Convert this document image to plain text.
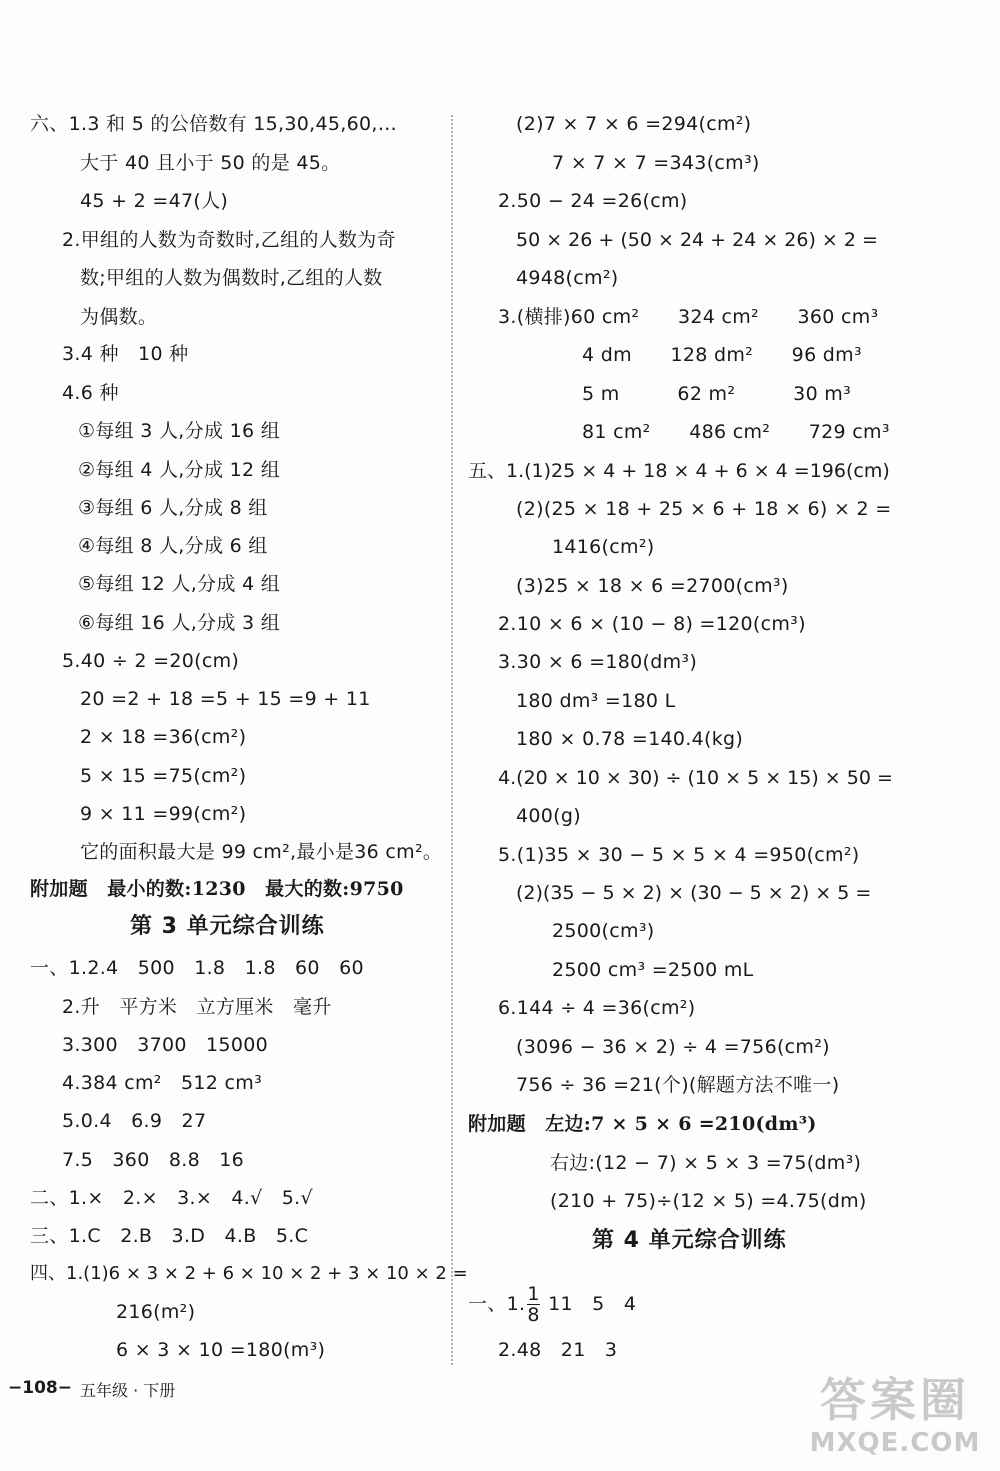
六、1.3 和 5 的公倍数有 15,30,45,60,…
大于 40 且小于 50 的是 45。
45 + 2 =47(人)
2.甲组的人数为奇数时,乙组的人数为奇
数;甲组的人数为偶数时,乙组的人数
为偶数。
3.4 种　10 种
4.6 种
①每组 3 人,分成 16 组
②每组 4 人,分成 12 组
③每组 6 人,分成 8 组
④每组 8 人,分成 6 组
⑤每组 12 人,分成 4 组
⑥每组 16 人,分成 3 组
5.40 ÷ 2 =20(cm)
20 =2 + 18 =5 + 15 =9 + 11
2 × 18 =36(cm²)
5 × 15 =75(cm²)
9 × 11 =99(cm²)
它的面积最大是 99 cm²,最小是36 cm²。
附加题　最小的数:1230　最大的数:9750
第 3 单元综合训练
一、1.2.4　500　1.8　1.8　60　60
2.升　平方米　立方厘米　毫升
3.300　3700　15000
4.384 cm²　512 cm³
5.0.4　6.9　27
7.5　360　8.8　16
二、1.×　2.×　3.×　4.√　5.√
三、1.C　2.B　3.D　4.B　5.C
四、1.(1)6 × 3 × 2 + 6 × 10 × 2 + 3 × 10 × 2 =
216(m²)
6 × 3 × 10 =180(m³)
(2)7 × 7 × 6 =294(cm²)
7 × 7 × 7 =343(cm³)
2.50 − 24 =26(cm)
50 × 26 + (50 × 24 + 24 × 26) × 2 =
4948(cm²)
3.(横排)60 cm²　　324 cm²　　360 cm³
4 dm　　128 dm²　　96 dm³
5 m　　　62 m²　　　30 m³
81 cm²　　486 cm²　　729 cm³
五、1.(1)25 × 4 + 18 × 4 + 6 × 4 =196(cm)
(2)(25 × 18 + 25 × 6 + 18 × 6) × 2 =
1416(cm²)
(3)25 × 18 × 6 =2700(cm³)
2.10 × 6 × (10 − 8) =120(cm³)
3.30 × 6 =180(dm³)
180 dm³ =180 L
180 × 0.78 =140.4(kg)
4.(20 × 10 × 30) ÷ (10 × 5 × 15) × 50 =
400(g)
5.(1)35 × 30 − 5 × 5 × 4 =950(cm²)
(2)(35 − 5 × 2) × (30 − 5 × 2) × 5 =
2500(cm³)
2500 cm³ =2500 mL
6.144 ÷ 4 =36(cm²)
(3096 − 36 × 2) ÷ 4 =756(cm²)
756 ÷ 36 =21(个)(解题方法不唯一)
附加题　左边:7 × 5 × 6 =210(dm³)
右边:(12 − 7) × 5 × 3 =75(dm³)
(210 + 75)÷(12 × 5) =4.75(dm)
第 4 单元综合训练
一、1. $\frac{1}{8} 11$　5　4
2.48　21　3
−108− 五年级 · 下册	答案圈
MXQE.COM
